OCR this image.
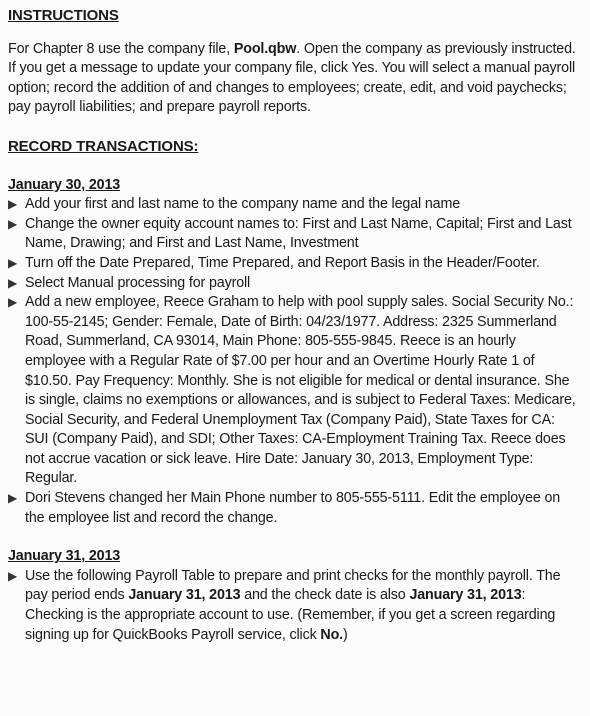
INSTRUCTIONS

For Chapter 8 use the company file, Pool.qbw. Open the company as previously instructed. If you get a message to update your company file, click Yes. You will select a manual payroll option; record the addition of and changes to employees; create, edit, and void paychecks; pay payroll liabilities; and prepare payroll reports.

RECORD TRANSACTIONS:

January 30, 2013

▶ Add your first and last name to the company name and the legal name
▶ Change the owner equity account names to: First and Last Name, Capital; First and Last Name, Drawing; and First and Last Name, Investment
▶ Turn off the Date Prepared, Time Prepared, and Report Basis in the Header/Footer.
▶ Select Manual processing for payroll
▶ Add a new employee, Reece Graham to help with pool supply sales. Social Security No.: 100-55-2145; Gender: Female, Date of Birth: 04/23/1977. Address: 2325 Summerland Road, Summerland, CA 93014, Main Phone: 805-555-9845. Reece is an hourly employee with a Regular Rate of $7.00 per hour and an Overtime Hourly Rate 1 of $10.50. Pay Frequency: Monthly. She is not eligible for medical or dental insurance. She is single, claims no exemptions or allowances, and is subject to Federal Taxes: Medicare, Social Security, and Federal Unemployment Tax (Company Paid), State Taxes for CA: SUI (Company Paid), and SDI; Other Taxes: CA-Employment Training Tax. Reece does not accrue vacation or sick leave. Hire Date: January 30, 2013, Employment Type: Regular.
▶ Dori Stevens changed her Main Phone number to 805-555-5111. Edit the employee on the employee list and record the change.

January 31, 2013

▶ Use the following Payroll Table to prepare and print checks for the monthly payroll. The pay period ends January 31, 2013 and the check date is also January 31, 2013: Checking is the appropriate account to use. (Remember, if you get a screen regarding signing up for QuickBooks Payroll service, click No.)
